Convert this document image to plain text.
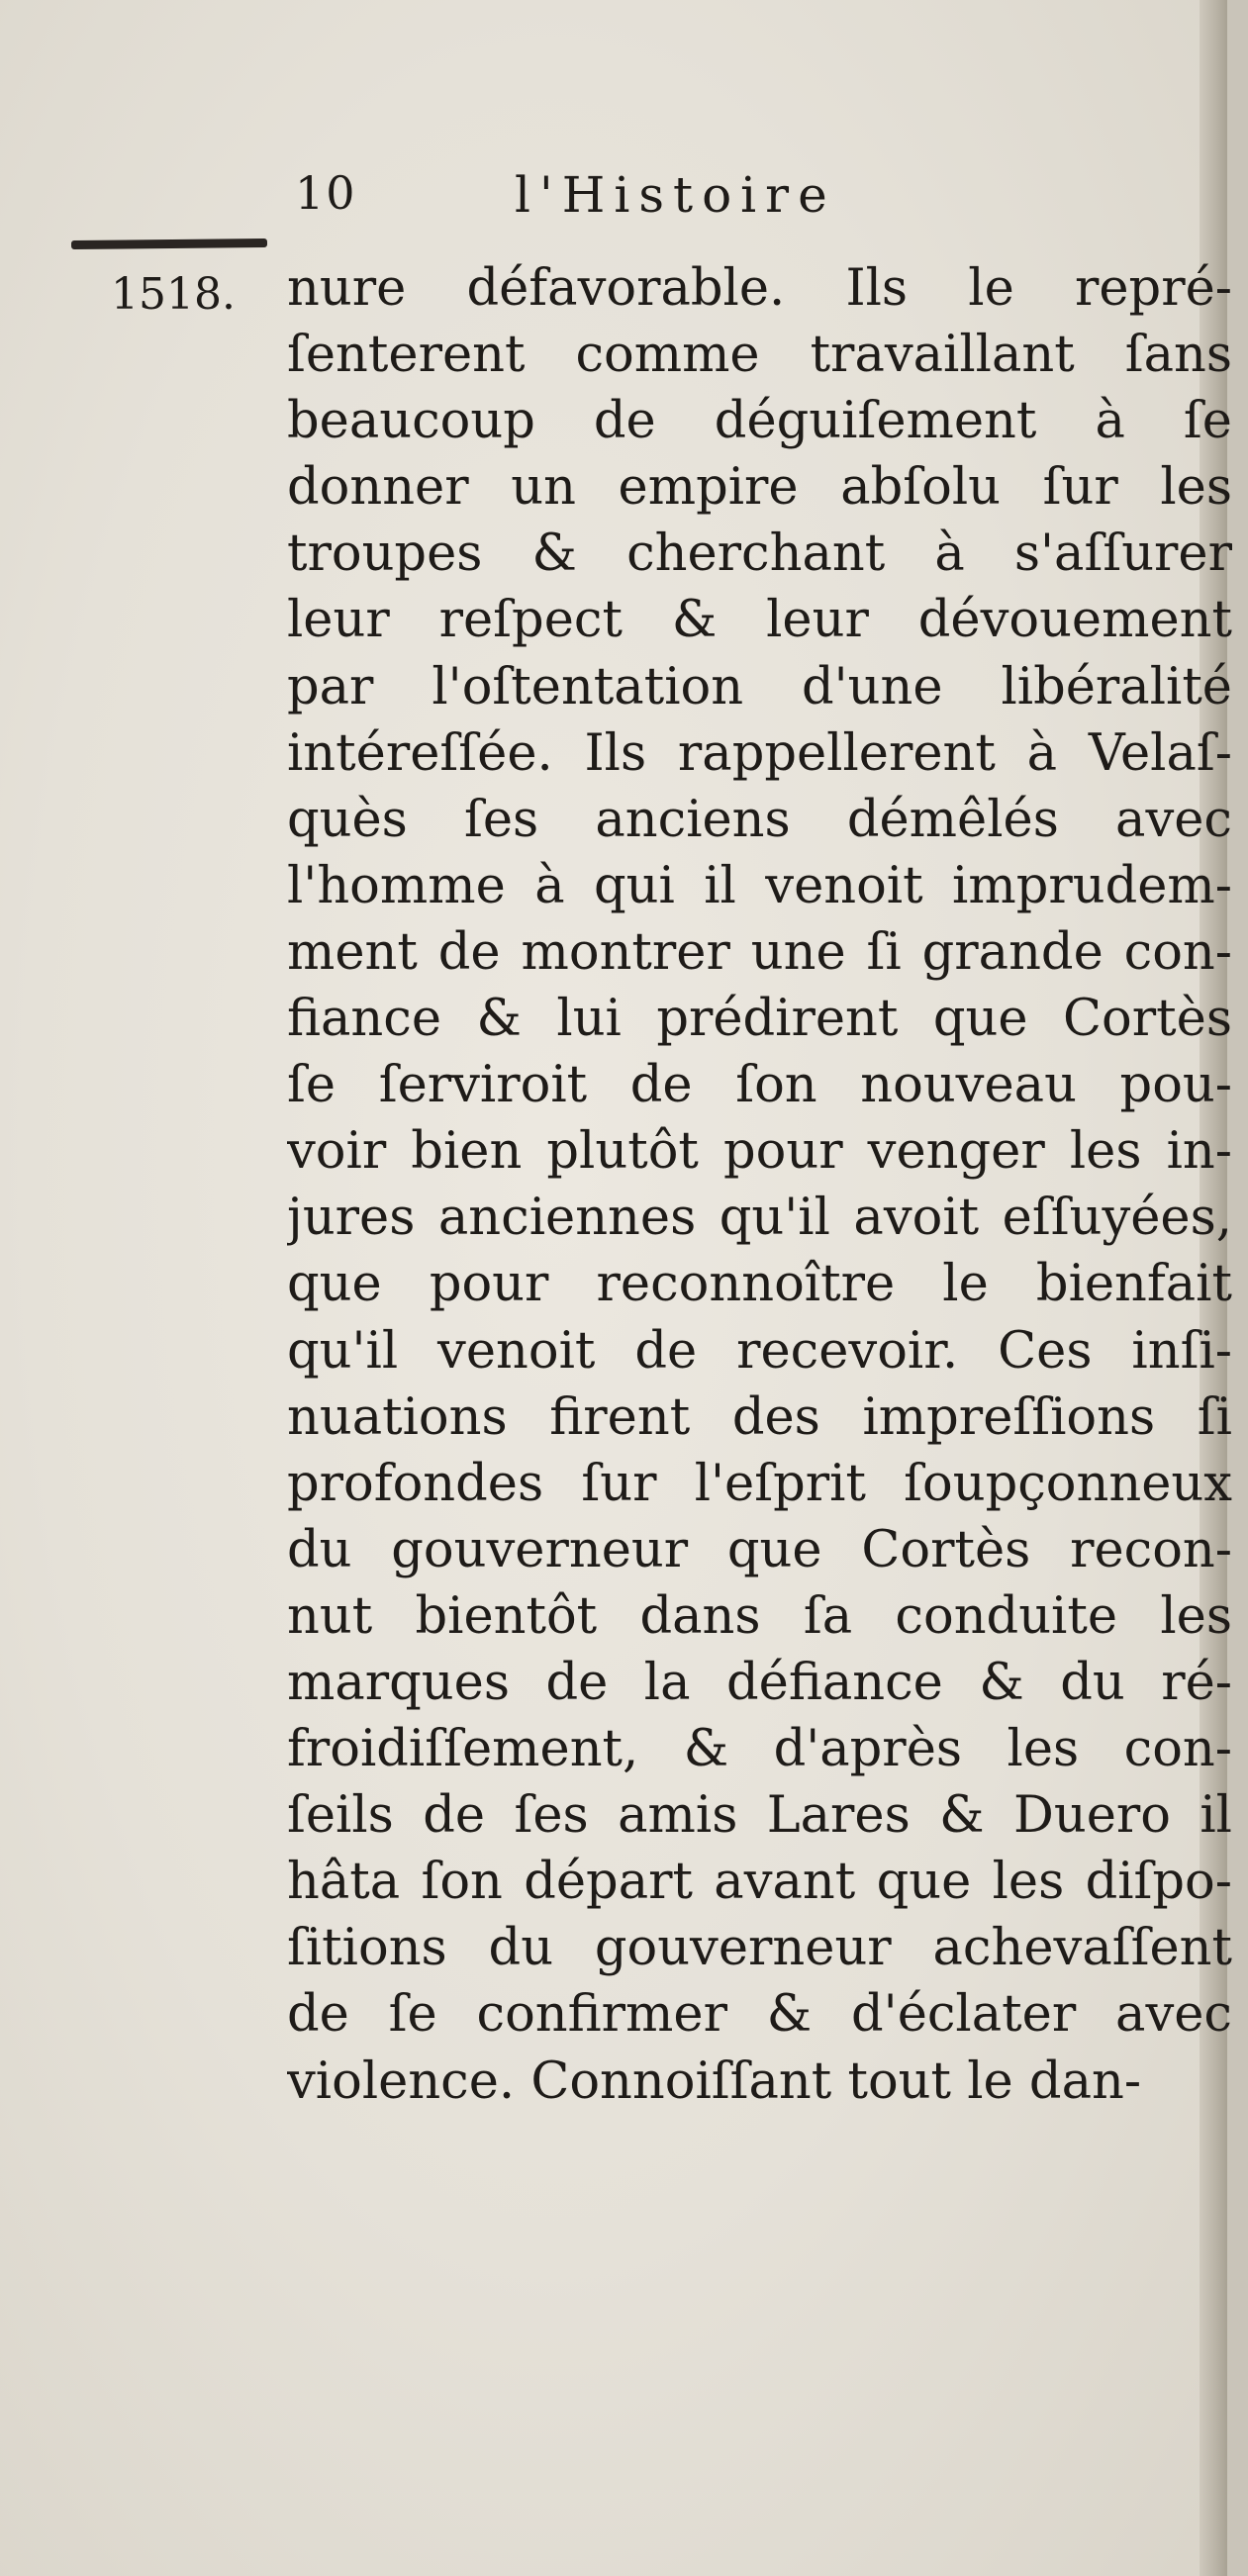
10	l'Histoire
1518. nure défavorable. Ils le repré-
ſenterent comme travaillant ſans
beaucoup de déguiſement à ſe
donner un empire abſolu ſur les
troupes & cherchant à s'aſſurer
leur reſpect & leur dévouement
par l'oſtentation d'une libéralité
intéreſſée. Ils rappellerent à Velaſ-
quès ſes anciens démêlés avec
l'homme à qui il venoit imprudem-
ment de montrer une ſi grande con-
fiance & lui prédirent que Cortès
ſe ſerviroit de ſon nouveau pou-
voir bien plutôt pour venger les in-
jures anciennes qu'il avoit eſſuyées,
que pour reconnoître le bienfait
qu'il venoit de recevoir. Ces inſi-
nuations firent des impreſſions ſi
profondes ſur l'eſprit ſoupçonneux
du gouverneur que Cortès recon-
nut bientôt dans ſa conduite les
marques de la défiance & du ré-
froidiſſement, & d'après les con-
ſeils de ſes amis Lares & Duero il
hâta ſon départ avant que les diſpo-
ſitions du gouverneur achevaſſent
de ſe confirmer & d'éclater avec
violence. Connoiſſant tout le dan-
